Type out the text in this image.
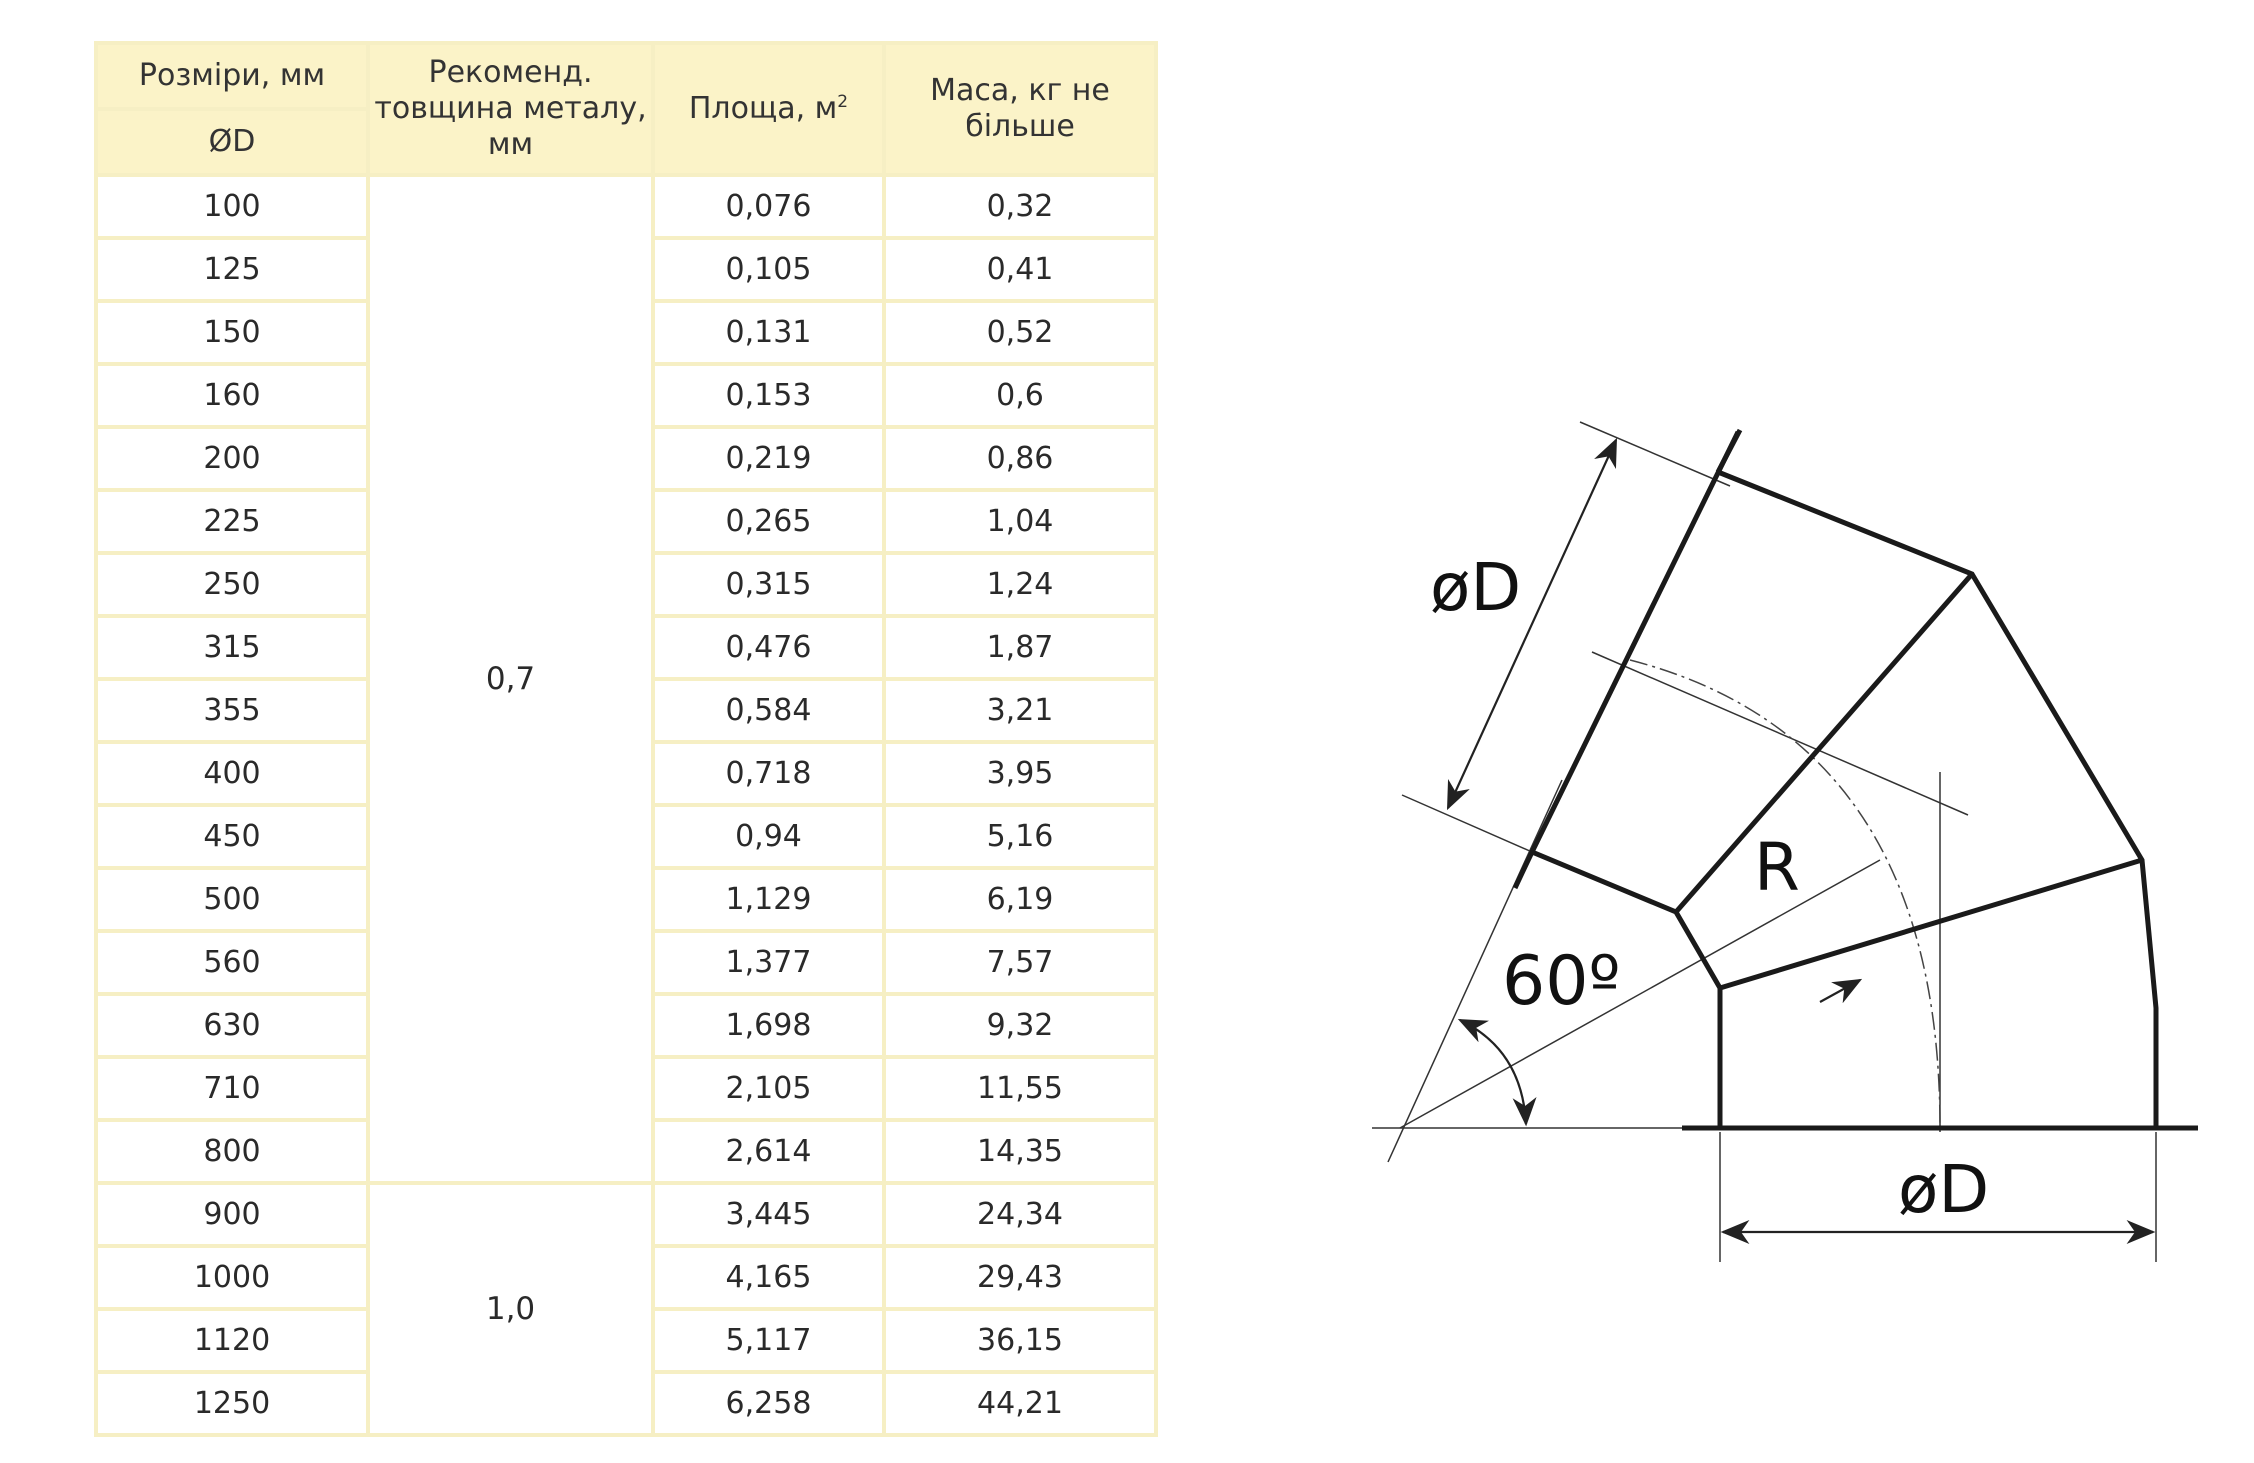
Розміри, мм	Рекоменд. товщина металу, мм	Площа, $м^2$	Маса, кг не більше
ØD			
100	0,7	0,076	0,32
125		0,105	0,41
150		0,131	0,52
160		0,153	0,6
200		0,219	0,86
225		0,265	1,04
250		0,315	1,24
315		0,476	1,87
355		0,584	3,21
400		0,718	3,95
450		0,94	5,16
500		1,129	6,19
560		1,377	7,57
630		1,698	9,32
710		2,105	11,55
800		2,614	14,35
900	1,0	3,445	24,34
1000		4,165	29,43
1120		5,117	36,15
1250		6,258	44,21
øD
R
60º
øD
